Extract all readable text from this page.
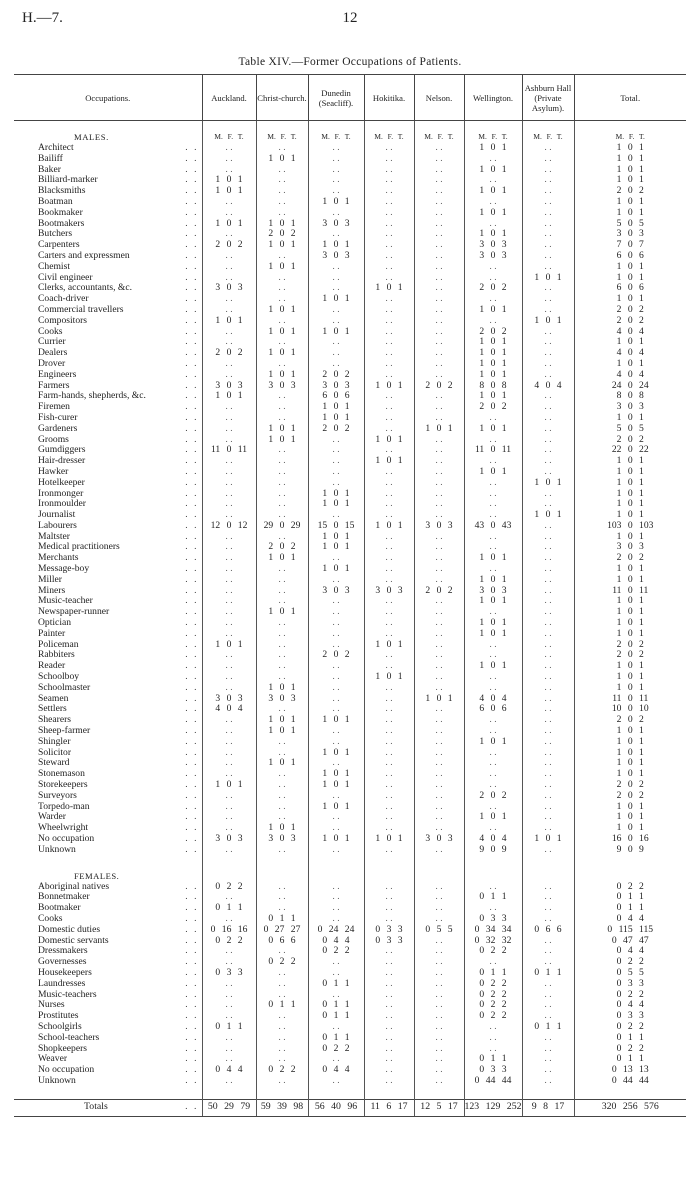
H.—7.	12
Table XIV.—Former Occupations of Patients.
Occupations.	Auckland.	Christ-church.	Dunedin (Seacliff).	Hokitika.	Nelson.	Wellington.	Ashburn Hall (Private Asylum).	Total.
MALES.	M. F. T.	M. F. T.	M. F. T.	M. F. T.	M. F. T.	M. F. T.	M. F. T.	M. F. T.

Architect . .	. .	. .	. .	. .	. .	1 0 1	. .	1 0 1

Bailiff . .	. .	1 0 1	. .	. .	. .	. .	. .	1 0 1

Baker . .	. .	. .	. .	. .	. .	1 0 1	. .	1 0 1

Billiard-marker . .	1 0 1	. .	. .	. .	. .	. .	. .	1 0 1

Blacksmiths . .	1 0 1	. .	. .	. .	. .	1 0 1	. .	2 0 2

Boatman . .	. .	. .	1 0 1	. .	. .	. .	. .	1 0 1

Bookmaker . .	. .	. .	. .	. .	. .	1 0 1	. .	1 0 1

Bootmakers . .	1 0 1	1 0 1	3 0 3	. .	. .	. .	. .	5 0 5

Butchers . .	. .	2 0 2	. .	. .	. .	1 0 1	. .	3 0 3

Carpenters . .	2 0 2	1 0 1	1 0 1	. .	. .	3 0 3	. .	7 0 7

Carters and expressmen . .	. .	. .	3 0 3	. .	. .	3 0 3	. .	6 0 6

Chemist . .	. .	1 0 1	. .	. .	. .	. .	. .	1 0 1

Civil engineer . .	. .	. .	. .	. .	. .	. .	1 0 1	1 0 1

Clerks, accountants, &c. . .	3 0 3	. .	. .	1 0 1	. .	2 0 2	. .	6 0 6

Coach-driver . .	. .	. .	1 0 1	. .	. .	. .	. .	1 0 1

Commercial travellers . .	. .	1 0 1	. .	. .	. .	1 0 1	. .	2 0 2

Compositors . .	1 0 1	. .	. .	. .	. .	. .	1 0 1	2 0 2

Cooks . .	. .	1 0 1	1 0 1	. .	. .	2 0 2	. .	4 0 4

Currier . .	. .	. .	. .	. .	. .	1 0 1	. .	1 0 1

Dealers . .	2 0 2	1 0 1	. .	. .	. .	1 0 1	. .	4 0 4

Drover . .	. .	. .	. .	. .	. .	1 0 1	. .	1 0 1

Engineers . .	. .	1 0 1	2 0 2	. .	. .	1 0 1	. .	4 0 4

Farmers . .	3 0 3	3 0 3	3 0 3	1 0 1	2 0 2	8 0 8	4 0 4	24 0 24

Farm-hands, shepherds, &c. . .	1 0 1	. .	6 0 6	. .	. .	1 0 1	. .	8 0 8

Firemen . .	. .	. .	1 0 1	. .	. .	2 0 2	. .	3 0 3

Fish-curer . .	. .	. .	1 0 1	. .	. .	. .	. .	1 0 1

Gardeners . .	. .	1 0 1	2 0 2	. .	1 0 1	1 0 1	. .	5 0 5

Grooms . .	. .	1 0 1	. .	1 0 1	. .	. .	. .	2 0 2

Gumdiggers . .	11 0 11	. .	. .	. .	. .	11 0 11	. .	22 0 22

Hair-dresser . .	. .	. .	. .	1 0 1	. .	. .	. .	1 0 1

Hawker . .	. .	. .	. .	. .	. .	1 0 1	. .	1 0 1

Hotelkeeper . .	. .	. .	. .	. .	. .	. .	1 0 1	1 0 1

Ironmonger . .	. .	. .	1 0 1	. .	. .	. .	. .	1 0 1

Ironmoulder . .	. .	. .	1 0 1	. .	. .	. .	. .	1 0 1

Journalist . .	. .	. .	. .	. .	. .	. .	1 0 1	1 0 1

Labourers . .	12 0 12	29 0 29	15 0 15	1 0 1	3 0 3	43 0 43	. .	103 0 103

Maltster . .	. .	. .	1 0 1	. .	. .	. .	. .	1 0 1

Medical practitioners . .	. .	2 0 2	1 0 1	. .	. .	. .	. .	3 0 3

Merchants . .	. .	1 0 1	. .	. .	. .	1 0 1	. .	2 0 2

Message-boy . .	. .	. .	1 0 1	. .	. .	. .	. .	1 0 1

Miller . .	. .	. .	. .	. .	. .	1 0 1	. .	1 0 1

Miners . .	. .	. .	3 0 3	3 0 3	2 0 2	3 0 3	. .	11 0 11

Music-teacher . .	. .	. .	. .	. .	. .	1 0 1	. .	1 0 1

Newspaper-runner . .	. .	1 0 1	. .	. .	. .	. .	. .	1 0 1

Optician . .	. .	. .	. .	. .	. .	1 0 1	. .	1 0 1

Painter . .	. .	. .	. .	. .	. .	1 0 1	. .	1 0 1

Policeman . .	1 0 1	. .	. .	1 0 1	. .	. .	. .	2 0 2

Rabbiters . .	. .	. .	2 0 2	. .	. .	. .	. .	2 0 2

Reader . .	. .	. .	. .	. .	. .	1 0 1	. .	1 0 1

Schoolboy . .	. .	. .	. .	1 0 1	. .	. .	. .	1 0 1

Schoolmaster . .	. .	1 0 1	. .	. .	. .	. .	. .	1 0 1

Seamen . .	3 0 3	3 0 3	. .	. .	1 0 1	4 0 4	. .	11 0 11

Settlers . .	4 0 4	. .	. .	. .	. .	6 0 6	. .	10 0 10

Shearers . .	. .	1 0 1	1 0 1	. .	. .	. .	. .	2 0 2

Sheep-farmer . .	. .	1 0 1	. .	. .	. .	. .	. .	1 0 1

Shingler . .	. .	. .	. .	. .	. .	1 0 1	. .	1 0 1

Solicitor . .	. .	. .	1 0 1	. .	. .	. .	. .	1 0 1

Steward . .	. .	1 0 1	. .	. .	. .	. .	. .	1 0 1

Stonemason . .	. .	. .	1 0 1	. .	. .	. .	. .	1 0 1

Storekeepers . .	1 0 1	. .	1 0 1	. .	. .	. .	. .	2 0 2

Surveyors . .	. .	. .	. .	. .	. .	2 0 2	. .	2 0 2

Torpedo-man . .	. .	. .	1 0 1	. .	. .	. .	. .	1 0 1

Warder . .	. .	. .	. .	. .	. .	1 0 1	. .	1 0 1

Wheelwright . .	. .	1 0 1	. .	. .	. .	. .	. .	1 0 1

No occupation . .	3 0 3	3 0 3	1 0 1	1 0 1	3 0 3	4 0 4	1 0 1	16 0 16

Unknown . .	. .	. .	. .	. .	. .	9 0 9	. .	9 0 9

FEMALES.								

Aboriginal natives . .	0 2 2	. .	. .	. .	. .	. .	. .	0 2 2

Bonnetmaker . .	. .	. .	. .	. .	. .	0 1 1	. .	0 1 1

Bootmaker . .	0 1 1	. .	. .	. .	. .	. .	. .	0 1 1

Cooks . .	. .	0 1 1	. .	. .	. .	0 3 3	. .	0 4 4

Domestic duties . .	0 16 16	0 27 27	0 24 24	0 3 3	0 5 5	0 34 34	0 6 6	0 115 115

Domestic servants . .	0 2 2	0 6 6	0 4 4	0 3 3	. .	0 32 32	. .	0 47 47

Dressmakers . .	. .	. .	0 2 2	. .	. .	0 2 2	. .	0 4 4

Governesses . .	. .	0 2 2	. .	. .	. .	. .	. .	0 2 2

Housekeepers . .	0 3 3	. .	. .	. .	. .	0 1 1	0 1 1	0 5 5

Laundresses . .	. .	. .	0 1 1	. .	. .	0 2 2	. .	0 3 3

Music-teachers . .	. .	. .	. .	. .	. .	0 2 2	. .	0 2 2

Nurses . .	. .	0 1 1	0 1 1	. .	. .	0 2 2	. .	0 4 4

Prostitutes . .	. .	. .	0 1 1	. .	. .	0 2 2	. .	0 3 3

Schoolgirls . .	0 1 1	. .	. .	. .	. .	. .	0 1 1	0 2 2

School-teachers . .	. .	. .	0 1 1	. .	. .	. .	. .	0 1 1

Shopkeepers . .	. .	. .	0 2 2	. .	. .	. .	. .	0 2 2

Weaver . .	. .	. .	. .	. .	. .	0 1 1	. .	0 1 1

No occupation . .	0 4 4	0 2 2	0 4 4	. .	. .	0 3 3	. .	0 13 13

Unknown . .	. .	. .	. .	. .	. .	0 44 44	. .	0 44 44

Totals . .	50 29 79	59 39 98	56 40 96	11 6 17	12 5 17	123 129 252	9 8 17	320 256 576
